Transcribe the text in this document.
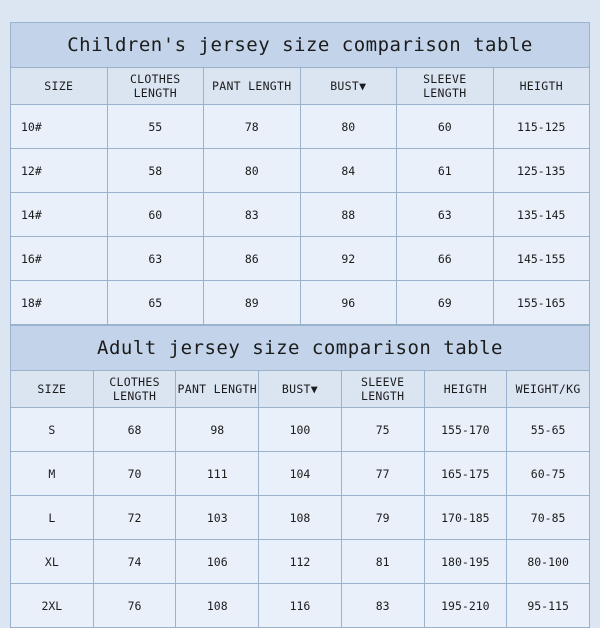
Children's jersey size comparison table					
SIZE	CLOTHES LENGTH	PANT LENGTH	BUST▼	SLEEVE LENGTH	HEIGTH
10#	55	78	80	60	115-125
12#	58	80	84	61	125-135
14#	60	83	88	63	135-145
16#	63	86	92	66	145-155
18#	65	89	96	69	155-165
Adult jersey size comparison table						
SIZE	CLOTHES LENGTH	PANT LENGTH	BUST▼	SLEEVE LENGTH	HEIGTH	WEIGHT/KG
S	68	98	100	75	155-170	55-65
M	70	111	104	77	165-175	60-75
L	72	103	108	79	170-185	70-85
XL	74	106	112	81	180-195	80-100
2XL	76	108	116	83	195-210	95-115
